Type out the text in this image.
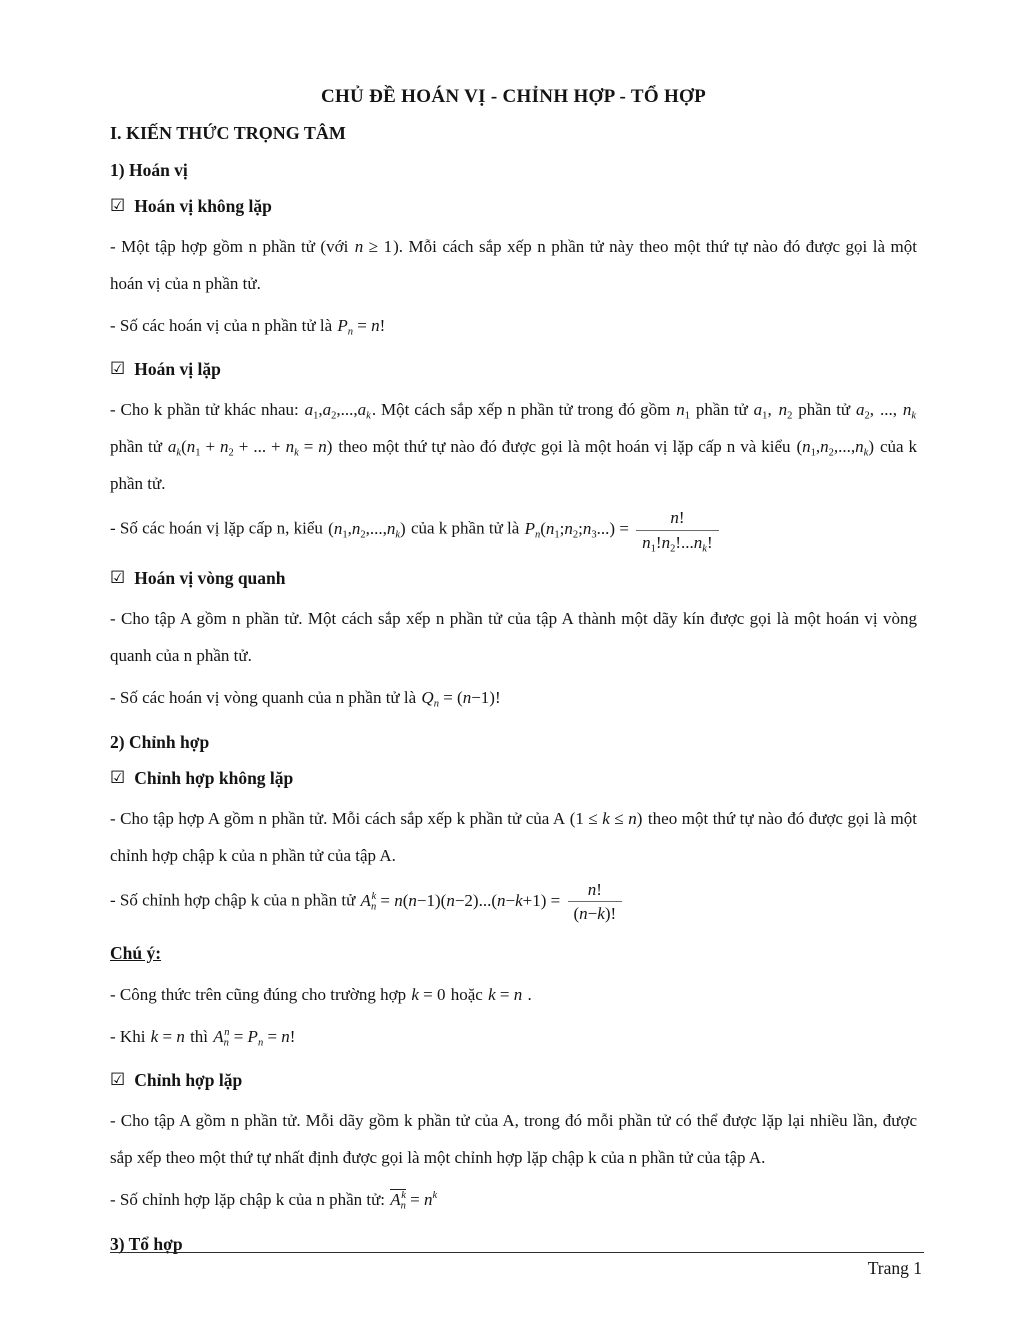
CHỦ ĐỀ HOÁN VỊ - CHỈNH HỢP - TỔ HỢP
I. KIẾN THỨC TRỌNG TÂM
1) Hoán vị
☑ Hoán vị không lặp
- Một tập hợp gồm n phần tử (với n ≥ 1). Mỗi cách sắp xếp n phần tử này theo một thứ tự nào đó được gọi là một hoán vị của n phần tử.
- Số các hoán vị của n phần tử là $P_n = n$!
☑ Hoán vị lặp
- Cho k phần tử khác nhau: $a_1,a_2,...,a_k$. Một cách sắp xếp n phần tử trong đó gồm $n_1$ phần tử $a_1$, $n_2$ phần tử $a_2$, ..., $n_k$ phần tử $a_k(n_1 + n_2$ + ... + $n_k = n$) theo một thứ tự nào đó được gọi là một hoán vị lặp cấp n và kiểu $(n_1,n_2,...,n_k)$ của k phần tử.
- Số các hoán vị lặp cấp n, kiểu $(n_1,n_2,...,n_k)$ của k phần tử là $P_n(n_1;n_2;n_3...) = \frac{n!}{n_1!n_2!...n_k!}$
☑ Hoán vị vòng quanh
- Cho tập A gồm n phần tử. Một cách sắp xếp n phần tử của tập A thành một dãy kín được gọi là một hoán vị vòng quanh của n phần tử.
- Số các hoán vị vòng quanh của n phần tử là $Q_n = (n-1)$!
2) Chỉnh hợp
☑ Chỉnh hợp không lặp
- Cho tập hợp A gồm n phần tử. Mỗi cách sắp xếp k phần tử của A (1 ≤ k ≤ n) theo một thứ tự nào đó được gọi là một chỉnh hợp chập k của n phần tử của tập A.
- Số chỉnh hợp chập k của n phần tử $A_n^k = n(n-1)(n-2)...(n-k+1) = \frac{n!}{(n-k)!}$
Chú ý:
- Công thức trên cũng đúng cho trường hợp k = 0 hoặc k = n .
- Khi k = n thì $A_n^n = P_n = n$!
☑ Chỉnh hợp lặp
- Cho tập A gồm n phần tử. Mỗi dãy gồm k phần tử của A, trong đó mỗi phần tử có thể được lặp lại nhiều lần, được sắp xếp theo một thứ tự nhất định được gọi là một chỉnh hợp lặp chập k của n phần tử của tập A.
- Số chỉnh hợp lặp chập k của n phần tử: $A_n^k = n^k$
3) Tổ hợp
Trang 1
